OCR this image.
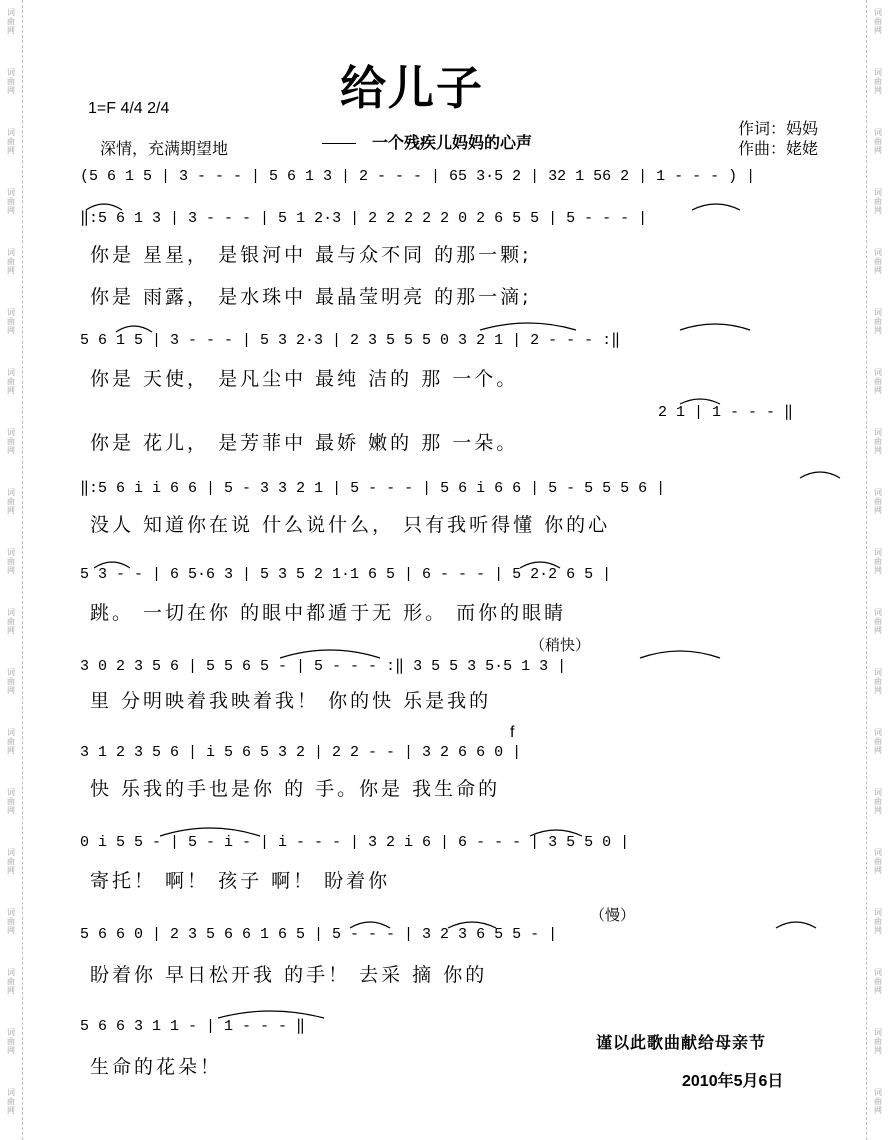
词
曲
网
词
曲
网
词
曲
网
词
曲
网
词
曲
网
词
曲
网
词
曲
网
词
曲
网
词
曲
网
词
曲
网
词
曲
网
词
曲
网
词
曲
网
词
曲
网
词
曲
网
词
曲
网
词
曲
网
词
曲
网
词
曲
网
词
曲
网
词
曲
网
词
曲
网
词
曲
网
词
曲
网
词
曲
网
词
曲
网
词
曲
网
词
曲
网
词
曲
网
词
曲
网
词
曲
网
词
曲
网
词
曲
网
词
曲
网
词
曲
网
词
曲
网
词
曲
网
词
曲
网
给儿子
1=F 4/4 2/4
深情，充满期望地	一个残疾儿妈妈的心声
作词：妈妈
作曲：姥姥
(5 6 1 5 | 3 - - - | 5 6 1 3 | 2 - - - | 65 3·5 2 | 32 1 56 2 | 1 - - - ) |
‖:5 6 1 3 | 3 - - - | 5 1 2·3 | 2 2 2 2 2 0 2 6 5 5 | 5 - - - |
你是 星星， 是银河中 最与众不同 的那一颗;
你是 雨露， 是水珠中 最晶莹明亮 的那一滴;
5 6 1 5 | 3 - - - | 5 3 2·3 | 2 3 5 5 5 0 3 2 1 | 2 - - - :‖
你是 天使， 是凡尘中 最纯 洁的 那 一个。
2 1 | 1 - - - ‖
你是 花儿， 是芳菲中 最娇 嫩的 那 一朵。
‖:5 6 i i 6 6 | 5 - 3 3 2 1 | 5 - - - | 5 6 i 6 6 | 5 - 5 5 5 6 |
没人 知道你在说 什么说什么， 只有我听得懂 你的心
5 3 - - | 6 5·6 3 | 5 3 5 2 1·1 6 5 | 6 - - - | 5 2·2 6 5 |
跳。 一切在你 的眼中都遁于无 形。 而你的眼睛
（稍快）
3 0 2 3 5 6 | 5 5 6 5 - | 5 - - - :‖ 3 5 5 3 5·5 1 3 |
里 分明映着我映着我！ 你的快 乐是我的
f
3 1 2 3 5 6 | i 5 6 5 3 2 | 2 2 - - | 3 2 6 6 0 |
快 乐我的手也是你 的 手。你是 我生命的
0 i 5 5 - | 5 - i - | i - - - | 3 2 i 6 | 6 - - - | 3 5 5 0 |
寄托！ 啊！ 孩子 啊！ 盼着你
（慢）
5 6 6 0 | 2 3 5 6 6 1 6 5 | 5 - - - | 3 2 3 6 5 5 - |
盼着你 早日松开我 的手！ 去采 摘 你的
5 6 6 3 1 1 - | 1 - - - ‖
生命的花朵！
谨以此歌曲献给母亲节
2010年5月6日
